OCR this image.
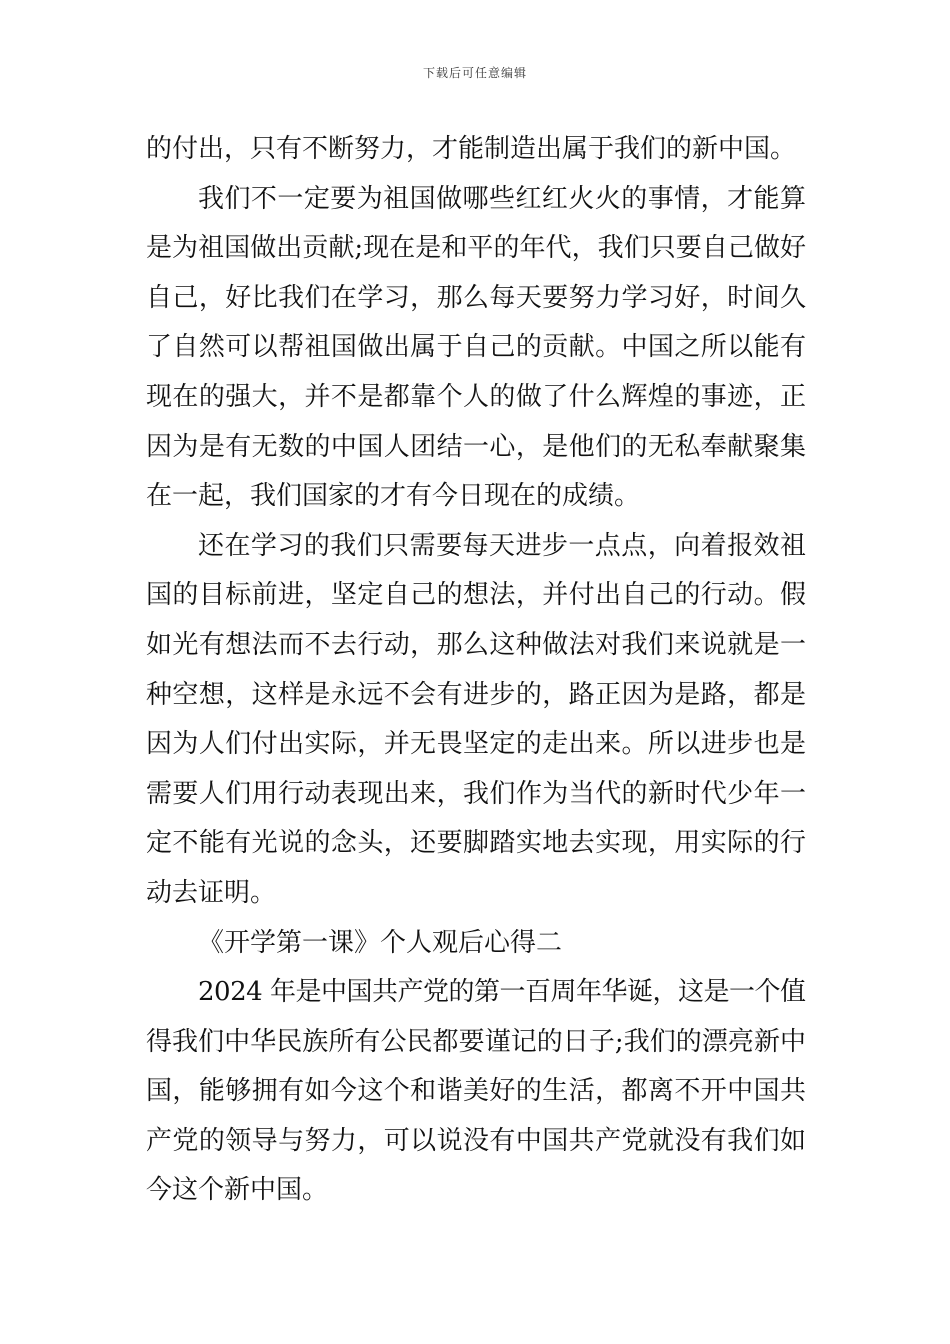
下载后可任意编辑
的付出，只有不断努力，才能制造出属于我们的新中国。
我们不一定要为祖国做哪些红红火火的事情，才能算
是为祖国做出贡献;现在是和平的年代，我们只要自己做好
自己，好比我们在学习，那么每天要努力学习好，时间久
了自然可以帮祖国做出属于自己的贡献。中国之所以能有
现在的强大，并不是都靠个人的做了什么辉煌的事迹，正
因为是有无数的中国人团结一心，是他们的无私奉献聚集
在一起，我们国家的才有今日现在的成绩。
还在学习的我们只需要每天进步一点点，向着报效祖
国的目标前进，坚定自己的想法，并付出自己的行动。假
如光有想法而不去行动，那么这种做法对我们来说就是一
种空想，这样是永远不会有进步的，路正因为是路，都是
因为人们付出实际，并无畏坚定的走出来。所以进步也是
需要人们用行动表现出来，我们作为当代的新时代少年一
定不能有光说的念头，还要脚踏实地去实现，用实际的行
动去证明。
《开学第一课》个人观后心得二
2024 年是中国共产党的第一百周年华诞，这是一个值
得我们中华民族所有公民都要谨记的日子;我们的漂亮新中
国，能够拥有如今这个和谐美好的生活，都离不开中国共
产党的领导与努力，可以说没有中国共产党就没有我们如
今这个新中国。
